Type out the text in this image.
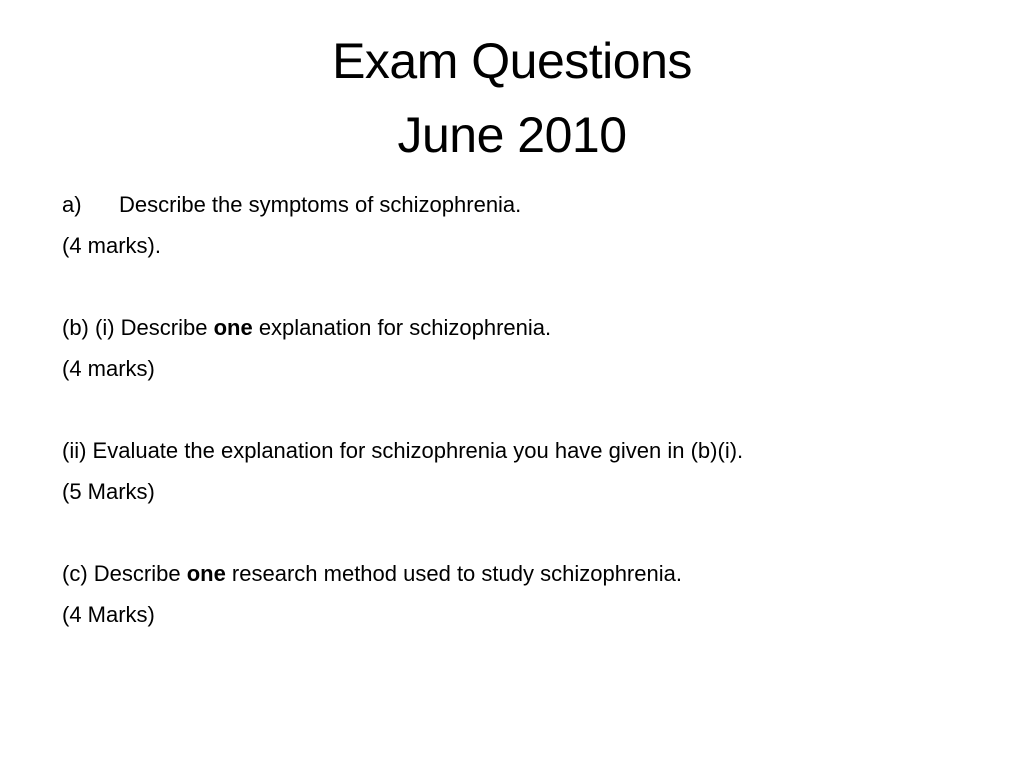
Exam Questions
June 2010
a) Describe the symptoms of schizophrenia.
(4 marks).
(b) (i) Describe one explanation for schizophrenia.
(4 marks)
(ii) Evaluate the explanation for schizophrenia you have given in (b)(i).
(5 Marks)
(c) Describe one research method used to study schizophrenia.
(4 Marks)
